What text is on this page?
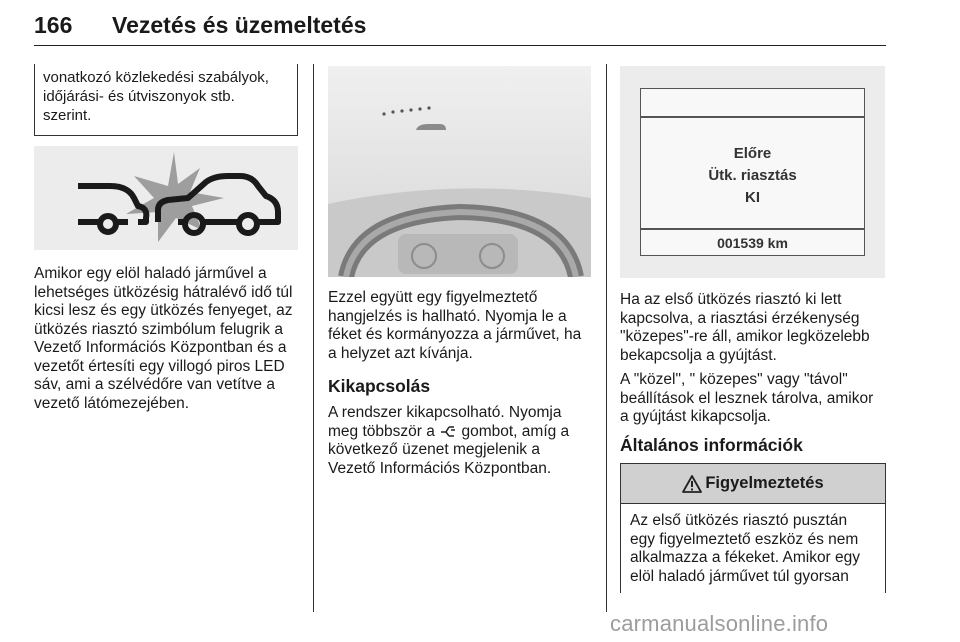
166 Vezetés és üzemeltetés
vonatkozó közlekedési szabályok,
időjárási- és útviszonyok stb.
szerint.
Amikor egy elöl haladó járművel a
lehetséges ütközésig hátralévő idő túl
kicsi lesz és egy ütközés fenyeget, az
ütközés riasztó szimbólum felugrik a
Vezető Információs Központban és a
vezetőt értesíti egy villogó piros LED
sáv, ami a szélvédőre van vetítve a
vezető látómezejében.
Ezzel együtt egy figyelmeztető
hangjelzés is hallható. Nyomja le a
féket és kormányozza a járművet, ha
a helyzet azt kívánja.
Kikapcsolás
A rendszer kikapcsolható. Nyomja
meg többször a gombot, amíg a
következő üzenet megjelenik a
Vezető Információs Központban.
Előre
Ütk. riasztás
KI
001539 km
Ha az első ütközés riasztó ki lett
kapcsolva, a riasztási érzékenység
"közepes"-re áll, amikor legközelebb
bekapcsolja a gyújtást.
A "közel", " közepes" vagy "távol"
beállítások el lesznek tárolva, amikor
a gyújtást kikapcsolja.
Általános információk
Figyelmeztetés
Az első ütközés riasztó pusztán
egy figyelmeztető eszköz és nem
alkalmazza a fékeket. Amikor egy
elöl haladó járművet túl gyorsan
carmanualsonline.info
